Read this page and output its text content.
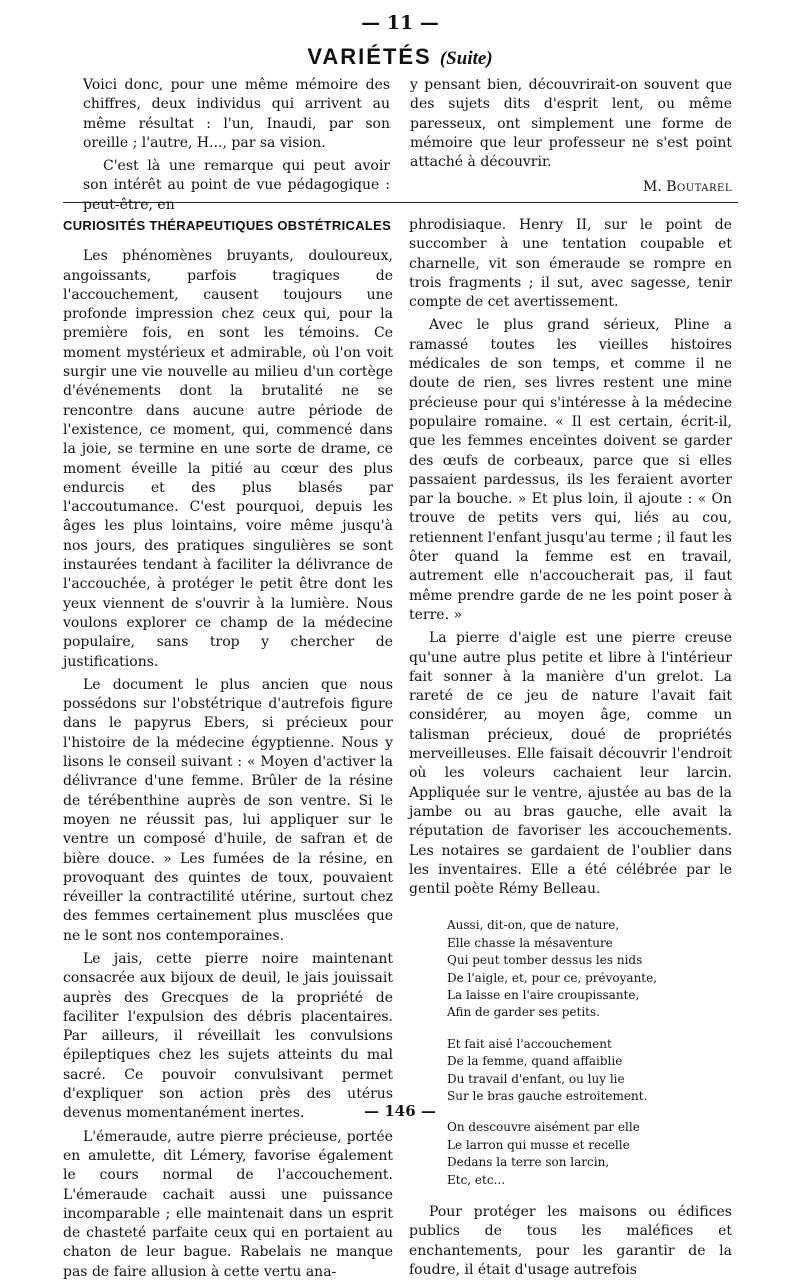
— 11 —
VARIÉTÉS (Suite)

Voici donc, pour une même mémoire des chiffres, deux individus qui arrivent au même résultat : l'un, Inaudi, par son oreille ; l'autre, H..., par sa vision.

C'est là une remarque qui peut avoir son intérêt au point de vue pédagogique : peut-être, en

y pensant bien, découvrirait-on souvent que des sujets dits d'esprit lent, ou même paresseux, ont simplement une forme de mémoire que leur professeur ne s'est point attaché à découvrir.

M. Boutarel

CURIOSITÉS THÉRAPEUTIQUES OBSTÉTRICALES

Les phénomènes bruyants, douloureux, angoissants, parfois tragiques de l'accouchement, causent toujours une profonde impression chez ceux qui, pour la première fois, en sont les témoins. Ce moment mystérieux et admirable, où l'on voit surgir une vie nouvelle au milieu d'un cortège d'événements dont la brutalité ne se rencontre dans aucune autre période de l'existence, ce moment, qui, commencé dans la joie, se termine en une sorte de drame, ce moment éveille la pitié au cœur des plus endurcis et des plus blasés par l'accoutumance. C'est pourquoi, depuis les âges les plus lointains, voire même jusqu'à nos jours, des pratiques singulières se sont instaurées tendant à faciliter la délivrance de l'accouchée, à protéger le petit être dont les yeux viennent de s'ouvrir à la lumière. Nous voulons explorer ce champ de la médecine populaire, sans trop y chercher de justifications.

Le document le plus ancien que nous possédons sur l'obstétrique d'autrefois figure dans le papyrus Ebers, si précieux pour l'histoire de la médecine égyptienne. Nous y lisons le conseil suivant : « Moyen d'activer la délivrance d'une femme. Brûler de la résine de térébenthine auprès de son ventre. Si le moyen ne réussit pas, lui appliquer sur le ventre un composé d'huile, de safran et de bière douce. » Les fumées de la résine, en provoquant des quintes de toux, pouvaient réveiller la contractilité utérine, surtout chez des femmes certainement plus musclées que ne le sont nos contemporaines.

Le jais, cette pierre noire maintenant consacrée aux bijoux de deuil, le jais jouissait auprès des Grecques de la propriété de faciliter l'expulsion des débris placentaires. Par ailleurs, il réveillait les convulsions épileptiques chez les sujets atteints du mal sacré. Ce pouvoir convulsivant permet d'expliquer son action près des utérus devenus momentanément inertes.

L'émeraude, autre pierre précieuse, portée en amulette, dit Lémery, favorise également le cours normal de l'accouchement. L'émeraude cachait aussi une puissance incomparable ; elle maintenait dans un esprit de chasteté parfaite ceux qui en portaient au chaton de leur bague. Rabelais ne manque pas de faire allusion à cette vertu ana-

phrodisiaque. Henry II, sur le point de succomber à une tentation coupable et charnelle, vit son émeraude se rompre en trois fragments ; il sut, avec sagesse, tenir compte de cet avertissement.

Avec le plus grand sérieux, Pline a ramassé toutes les vieilles histoires médicales de son temps, et comme il ne doute de rien, ses livres restent une mine précieuse pour qui s'intéresse à la médecine populaire romaine. « Il est certain, écrit-il, que les femmes enceintes doivent se garder des œufs de corbeaux, parce que si elles passaient pardessus, ils les feraient avorter par la bouche. » Et plus loin, il ajoute : « On trouve de petits vers qui, liés au cou, retiennent l'enfant jusqu'au terme ; il faut les ôter quand la femme est en travail, autrement elle n'accoucherait pas, il faut même prendre garde de ne les point poser à terre. »

La pierre d'aigle est une pierre creuse qu'une autre plus petite et libre à l'intérieur fait sonner à la manière d'un grelot. La rareté de ce jeu de nature l'avait fait considérer, au moyen âge, comme un talisman précieux, doué de propriétés merveilleuses. Elle faisait découvrir l'endroit où les voleurs cachaient leur larcin. Appliquée sur le ventre, ajustée au bas de la jambe ou au bras gauche, elle avait la réputation de favoriser les accouchements. Les notaires se gardaient de l'oublier dans les inventaires. Elle a été célébrée par le gentil poète Rémy Belleau.

Aussi, dit-on, que de nature,
Elle chasse la mésaventure
Qui peut tomber dessus les nids
De l'aigle, et, pour ce, prévoyante,
La laisse en l'aire croupissante,
Afin de garder ses petits.
Et fait aisé l'accouchement
De la femme, quand affaiblie
Du travail d'enfant, ou luy lie
Sur le bras gauche estroitement.
On descouvre aisément par elle
Le larron qui musse et recelle
Dedans la terre son larcin,
Etc, etc...

Pour protéger les maisons ou édifices publics de tous les maléfices et enchantements, pour les garantir de la foudre, il était d'usage autrefois

— 146 —
